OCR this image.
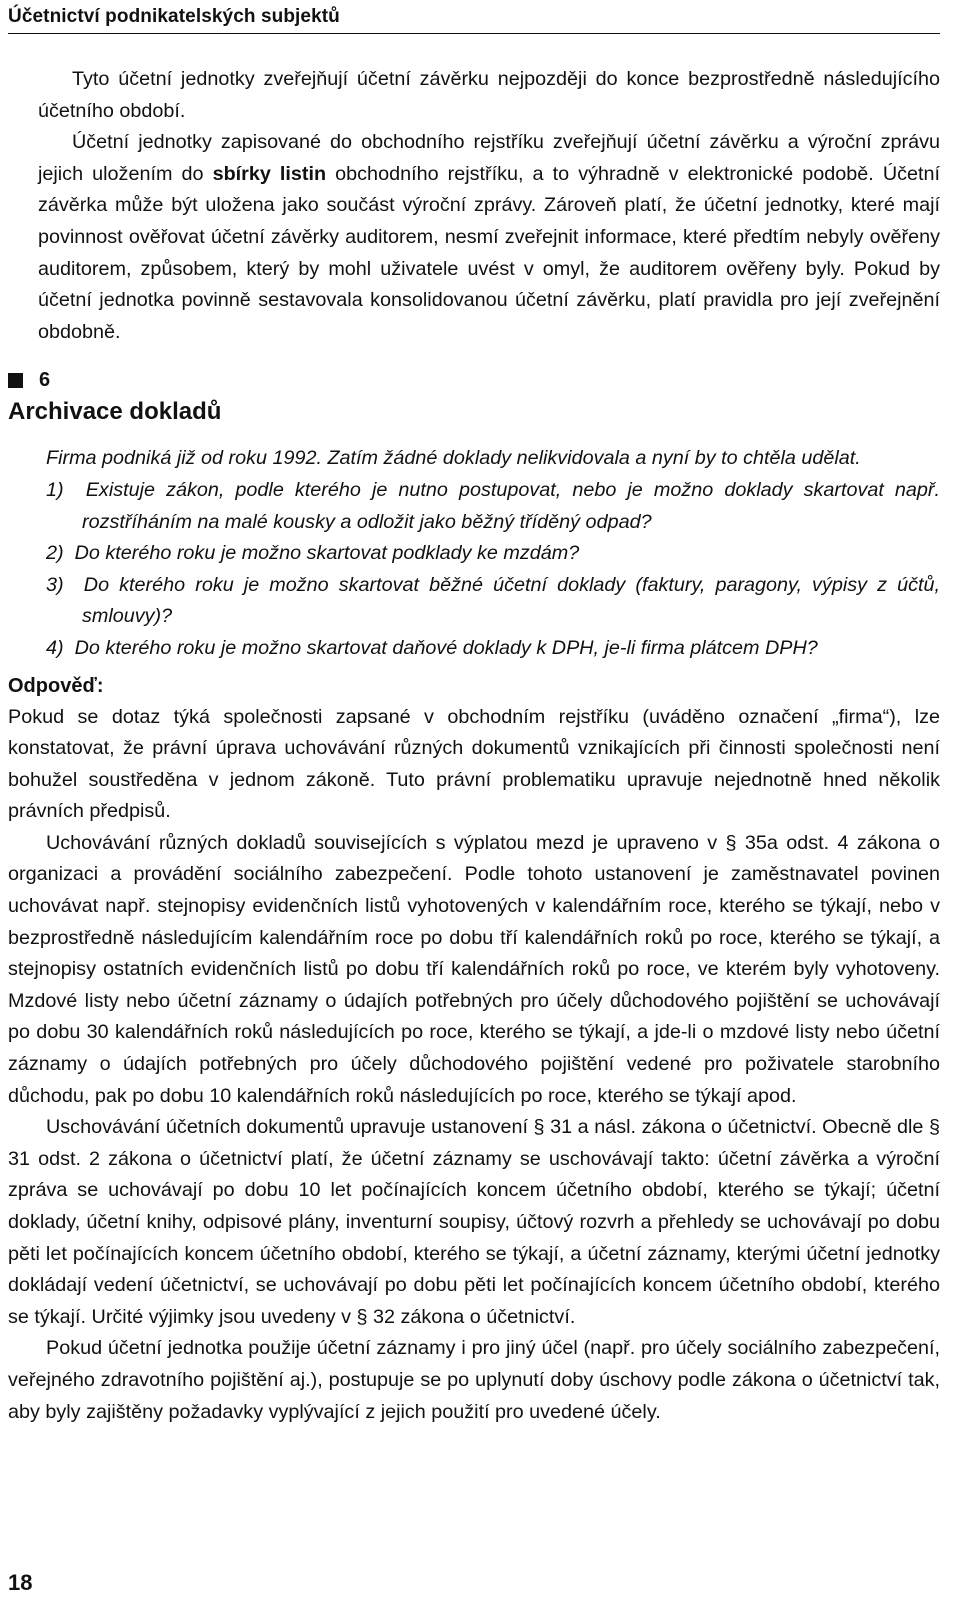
Účetnictví podnikatelských subjektů
Tyto účetní jednotky zveřejňují účetní závěrku nejpozději do konce bezprostředně následujícího účetního období.
Účetní jednotky zapisované do obchodního rejstříku zveřejňují účetní závěrku a výroční zprávu jejich uložením do sbírky listin obchodního rejstříku, a to výhradně v elektronické podobě. Účetní závěrka může být uložena jako součást výroční zprávy. Zároveň platí, že účetní jednotky, které mají povinnost ověřovat účetní závěrky auditorem, nesmí zveřejnit informace, které předtím nebyly ověřeny auditorem, způsobem, který by mohl uživatele uvést v omyl, že auditorem ověřeny byly. Pokud by účetní jednotka povinně sestavovala konsolidovanou účetní závěrku, platí pravidla pro její zveřejnění obdobně.
6
Archivace dokladů
Firma podniká již od roku 1992. Zatím žádné doklady nelikvidovala a nyní by to chtěla udělat.
1)  Existuje zákon, podle kterého je nutno postupovat, nebo je možno doklady skartovat např. rozstříháním na malé kousky a odložit jako běžný tříděný odpad?
2)  Do kterého roku je možno skartovat podklady ke mzdám?
3)  Do kterého roku je možno skartovat běžné účetní doklady (faktury, paragony, výpisy z účtů, smlouvy)?
4)  Do kterého roku je možno skartovat daňové doklady k DPH, je-li firma plátcem DPH?
Odpověď:
Pokud se dotaz týká společnosti zapsané v obchodním rejstříku (uváděno označení „firma“), lze konstatovat, že právní úprava uchovávání různých dokumentů vznikajících při činnosti společnosti není bohužel soustředěna v jednom zákoně. Tuto právní problematiku upravuje nejednotně hned několik právních předpisů.
Uchovávání různých dokladů souvisejících s výplatou mezd je upraveno v § 35a odst. 4 zákona o organizaci a provádění sociálního zabezpečení. Podle tohoto ustanovení je zaměstnavatel povinen uchovávat např. stejnopisy evidenčních listů vyhotovených v kalendářním roce, kterého se týkají, nebo v bezprostředně následujícím kalendářním roce po dobu tří kalendářních roků po roce, kterého se týkají, a stejnopisy ostatních evidenčních listů po dobu tří kalendářních roků po roce, ve kterém byly vyhotoveny. Mzdové listy nebo účetní záznamy o údajích potřebných pro účely důchodového pojištění se uchovávají po dobu 30 kalendářních roků následujících po roce, kterého se týkají, a jde-li o mzdové listy nebo účetní záznamy o údajích potřebných pro účely důchodového pojištění vedené pro poživatele starobního důchodu, pak po dobu 10 kalendářních roků následujících po roce, kterého se týkají apod.
Uschovávání účetních dokumentů upravuje ustanovení § 31 a násl. zákona o účetnictví. Obecně dle § 31 odst. 2 zákona o účetnictví platí, že účetní záznamy se uschovávají takto: účetní závěrka a výroční zpráva se uchovávají po dobu 10 let počínajících koncem účetního období, kterého se týkají; účetní doklady, účetní knihy, odpisové plány, inventurní soupisy, účtový rozvrh a přehledy se uchovávají po dobu pěti let počínajících koncem účetního období, kterého se týkají, a účetní záznamy, kterými účetní jednotky dokládají vedení účetnictví, se uchovávají po dobu pěti let počínajících koncem účetního období, kterého se týkají. Určité výjimky jsou uvedeny v § 32 zákona o účetnictví.
Pokud účetní jednotka použije účetní záznamy i pro jiný účel (např. pro účely sociálního zabezpečení, veřejného zdravotního pojištění aj.), postupuje se po uplynutí doby úschovy podle zákona o účetnictví tak, aby byly zajištěny požadavky vyplývající z jejich použití pro uvedené účely.
18
